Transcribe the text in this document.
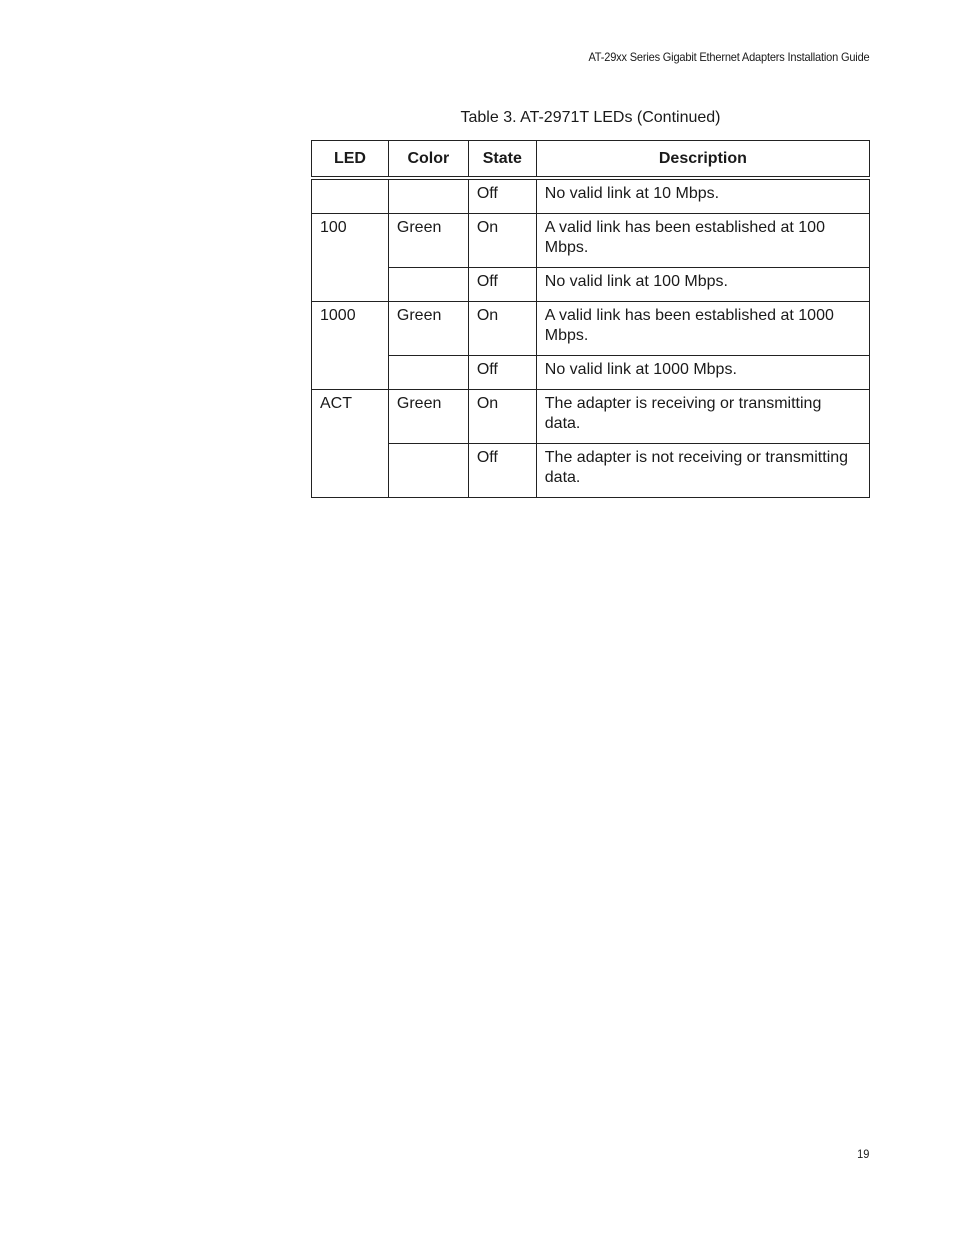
AT-29xx Series Gigabit Ethernet Adapters Installation Guide
Table 3. AT-2971T LEDs (Continued)
LED	Color	State	Description
		Off	No valid link at 10 Mbps.
100	Green	On	A valid link has been established at 100 Mbps.
		Off	No valid link at 100 Mbps.
1000	Green	On	A valid link has been established at 1000 Mbps.
		Off	No valid link at 1000 Mbps.
ACT	Green	On	The adapter is receiving or transmitting data.
		Off	The adapter is not receiving or transmitting data.
19
